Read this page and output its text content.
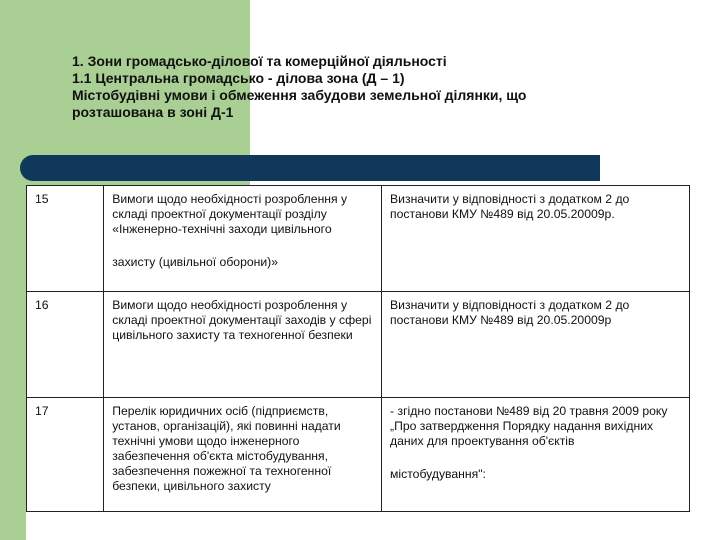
1. Зони громадсько-ділової та комерційної діяльності
1.1 Центральна громадсько - ділова зона (Д – 1)
Містобудівні умови і обмеження забудови земельної ділянки, що
розташована в зоні Д-1
15	Вимоги щодо необхідності розроблення у складі проектної документації розділу «Інженерно-технічні заходи цивільного
захисту (цивільної оборони)»	Визначити у відповідності з додатком 2 до постанови КМУ №489 від 20.05.20009р.
16	Вимоги щодо необхідності розроблення у складі проектної документації заходів у сфері цивільного захисту та техногенної безпеки	Визначити у відповідності з додатком 2 до постанови КМУ №489 від 20.05.20009р
17	Перелік юридичних осіб (підприємств, установ, організацій), які повинні надати технічні умови щодо інженерного забезпечення об'єкта містобудування, забезпечення пожежної та техногенної безпеки, цивільного захисту	- згідно постанови №489 від 20 травня 2009 року „Про затвердження Порядку надання вихідних даних для проектування об'єктів
містобудування":
